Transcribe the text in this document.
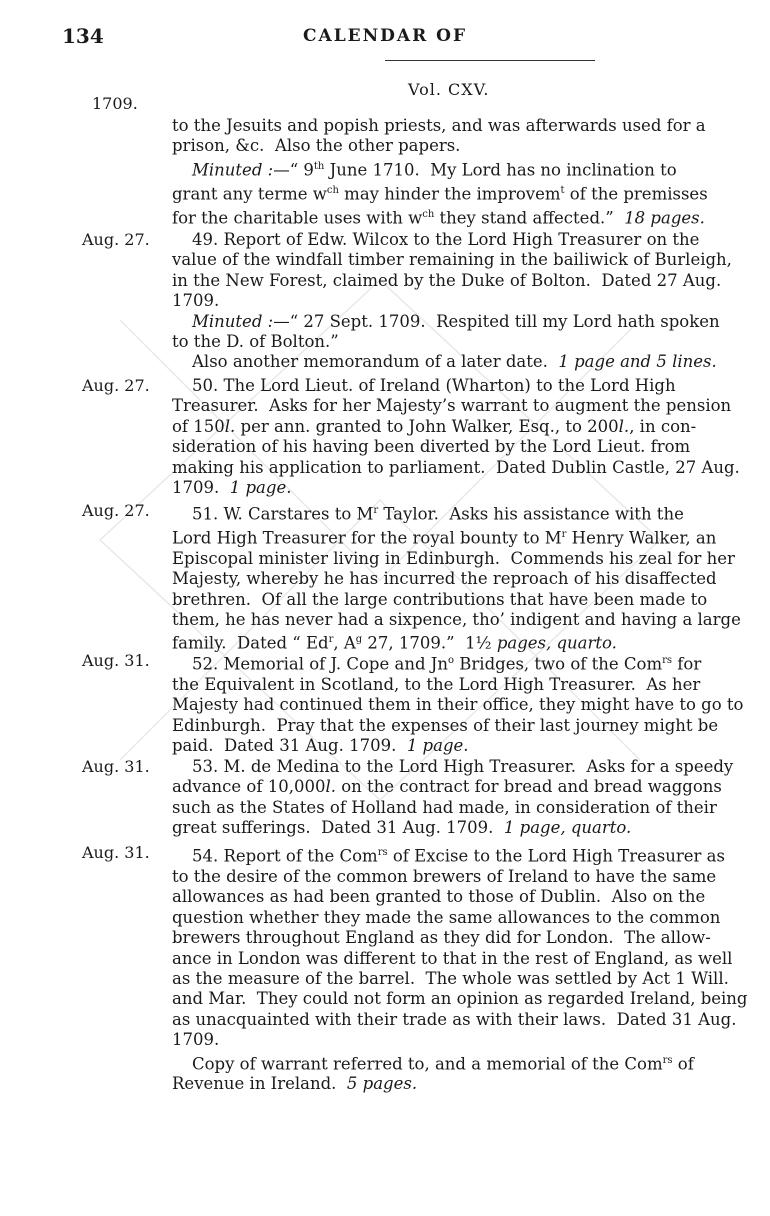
134	CALENDAR OF
Vol. CXV.
1709.
to the Jesuits and popish priests, and was afterwards used for a
prison, &c.  Also the other papers.
Minuted :—“ 9th June 1710.  My Lord has no inclination to
grant any terme $w^{ch}$ may hinder the improvem$^t$ of the premisses
for the charitable uses with $w^{ch}$ they stand affected.”  18 pages.
Aug. 27.	49. Report of Edw. Wilcox to the Lord High Treasurer on the
value of the windfall timber remaining in the bailiwick of Burleigh,
in the New Forest, claimed by the Duke of Bolton.  Dated 27 Aug.
1709.
Minuted :—“ 27 Sept. 1709.  Respited till my Lord hath spoken
to the D. of Bolton.”
Also another memorandum of a later date.  1 page and 5 lines.
Aug. 27.	50. The Lord Lieut. of Ireland (Wharton) to the Lord High
Treasurer.  Asks for her Majesty’s warrant to augment the pension
of 150l. per ann. granted to John Walker, Esq., to 200l., in con-
sideration of his having been diverted by the Lord Lieut. from
making his application to parliament.  Dated Dublin Castle, 27 Aug.
1709.  1 page.
Aug. 27.	51. W. Carstares to $M^r$ Taylor.  Asks his assistance with the
Lord High Treasurer for the royal bounty to $M^r$ Henry Walker, an
Episcopal minister living in Edinburgh.  Commends his zeal for her
Majesty, whereby he has incurred the reproach of his disaffected
brethren.  Of all the large contributions that have been made to
them, he has never had a sixpence, tho’ indigent and having a large
family.  Dated “ Ed$^r$, $A^g$ 27, 1709.”  1½ pages, quarto.
Aug. 31.	52. Memorial of J. Cope and Jn$^o$ Bridges, two of the Com$^{rs}$ for
the Equivalent in Scotland, to the Lord High Treasurer.  As her
Majesty had continued them in their office, they might have to go to
Edinburgh.  Pray that the expenses of their last journey might be
paid.  Dated 31 Aug. 1709.  1 page.
Aug. 31.	53. M. de Medina to the Lord High Treasurer.  Asks for a speedy
advance of 10,000l. on the contract for bread and bread waggons
such as the States of Holland had made, in consideration of their
great sufferings.  Dated 31 Aug. 1709.  1 page, quarto.
Aug. 31.	54. Report of the Com$^{rs}$ of Excise to the Lord High Treasurer as
to the desire of the common brewers of Ireland to have the same
allowances as had been granted to those of Dublin.  Also on the
question whether they made the same allowances to the common
brewers throughout England as they did for London.  The allow-
ance in London was different to that in the rest of England, as well
as the measure of the barrel.  The whole was settled by Act 1 Will.
and Mar.  They could not form an opinion as regarded Ireland, being
as unacquainted with their trade as with their laws.  Dated 31 Aug.
1709.
Copy of warrant referred to, and a memorial of the Com$^{rs}$ of
Revenue in Ireland.  5 pages.
